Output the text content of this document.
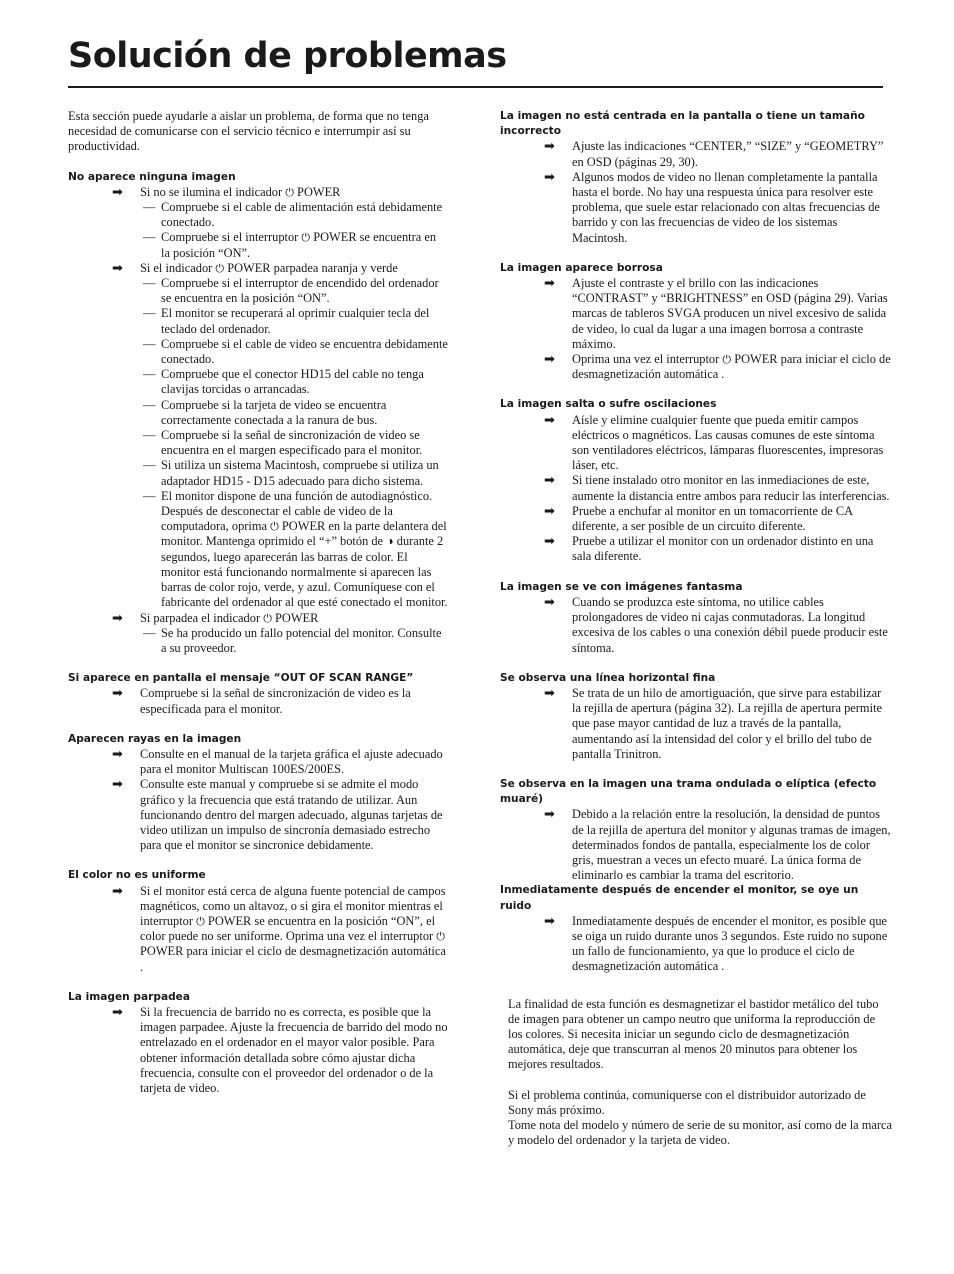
Solución de problemas

Esta sección puede ayudarle a aislar un problema, de forma que no tenga necesidad de comunicarse con el servicio técnico e interrumpir así su productividad.

No aparece ninguna imagen
➡ Si no se ilumina el indicador ⏻ POWER
— Compruebe si el cable de alimentación está debidamente conectado.
— Compruebe si el interruptor ⏻ POWER se encuentra en la posición “ON”.
➡ Si el indicador ⏻ POWER parpadea naranja y verde
— Compruebe si el interruptor de encendido del ordenador se encuentra en la posición “ON”.
— El monitor se recuperará al oprimir cualquier tecla del teclado del ordenador.
— Compruebe si el cable de video se encuentra debidamente conectado.
— Compruebe que el conector HD15 del cable no tenga clavijas torcidas o arrancadas.
— Compruebe si la tarjeta de video se encuentra correctamente conectada a la ranura de bus.
— Compruebe si la señal de sincronización de video se encuentra en el margen especificado para el monitor.
— Si utiliza un sistema Macintosh, compruebe si utiliza un adaptador HD15 - D15 adecuado para dicho sistema.
— El monitor dispone de una función de autodiagnóstico. Después de desconectar el cable de video de la computadora, oprima ⏻ POWER en la parte delantera del monitor. Mantenga oprimido el “+” botón de ◑ durante 2 segundos, luego aparecerán las barras de color. El monitor está funcionando normalmente si aparecen las barras de color rojo, verde, y azul. Comuníquese con el fabricante del ordenador al que esté conectado el monitor.
➡ Si parpadea el indicador ⏻ POWER
— Se ha producido un fallo potencial del monitor. Consulte a su proveedor.
Si aparece en pantalla el mensaje “OUT OF SCAN RANGE”
➡ Compruebe si la señal de sincronización de video es la especificada para el monitor.
Aparecen rayas en la imagen
➡ Consulte en el manual de la tarjeta gráfica el ajuste adecuado para el monitor Multiscan 100ES/200ES.
➡ Consulte este manual y compruebe si se admite el modo gráfico y la frecuencia que está tratando de utilizar. Aun funcionando dentro del margen adecuado, algunas tarjetas de video utilizan un impulso de sincronía demasiado estrecho para que el monitor se sincronice debidamente.
El color no es uniforme
➡ Si el monitor está cerca de alguna fuente potencial de campos magnéticos, como un altavoz, o si gira el monitor mientras el interruptor ⏻ POWER se encuentra en la posición “ON”, el color puede no ser uniforme. Oprima una vez el interruptor ⏻ POWER para iniciar el ciclo de desmagnetización automática .
La imagen parpadea
➡ Si la frecuencia de barrido no es correcta, es posible que la imagen parpadee. Ajuste la frecuencia de barrido del modo no entrelazado en el ordenador en el mayor valor posible. Para obtener información detallada sobre cómo ajustar dicha frecuencia, consulte con el proveedor del ordenador o de la tarjeta de video.
La imagen no está centrada en la pantalla o tiene un tamaño incorrecto
➡ Ajuste las indicaciones “CENTER,” “SIZE” y “GEOMETRY” en OSD (páginas 29, 30).
➡ Algunos modos de video no llenan completamente la pantalla hasta el borde. No hay una respuesta única para resolver este problema, que suele estar relacionado con altas frecuencias de barrido y con las frecuencias de video de los sistemas Macintosh.
La imagen aparece borrosa
➡ Ajuste el contraste y el brillo con las indicaciones “CONTRAST” y “BRIGHTNESS” en OSD (página 29). Varias marcas de tableros SVGA producen un nivel excesivo de salida de video, lo cual da lugar a una imagen borrosa a contraste máximo.
➡ Oprima una vez el interruptor ⏻ POWER para iniciar el ciclo de desmagnetización automática .
La imagen salta o sufre oscilaciones
➡ Aísle y elimine cualquier fuente que pueda emitir campos eléctricos o magnéticos. Las causas comunes de este síntoma son ventiladores eléctricos, lámparas fluorescentes, impresoras láser, etc.
➡ Si tiene instalado otro monitor en las inmediaciones de este, aumente la distancia entre ambos para reducir las interferencias.
➡ Pruebe a enchufar al monitor en un tomacorriente de CA diferente, a ser posible de un circuito diferente.
➡ Pruebe a utilizar el monitor con un ordenador distinto en una sala diferente.
La imagen se ve con imágenes fantasma
➡ Cuando se produzca este síntoma, no utilice cables prolongadores de video ni cajas conmutadoras. La longitud excesiva de los cables o una conexión débil puede producir este síntoma.
Se observa una línea horizontal fina
➡ Se trata de un hilo de amortiguación, que sirve para estabilizar la rejilla de apertura (página 32). La rejilla de apertura permite que pase mayor cantidad de luz a través de la pantalla, aumentando así la intensidad del color y el brillo del tubo de pantalla Trinitron.
Se observa en la imagen una trama ondulada o elíptica (efecto muaré)
➡ Debido a la relación entre la resolución, la densidad de puntos de la rejilla de apertura del monitor y algunas tramas de imagen, determinados fondos de pantalla, especialmente los de color gris, muestran a veces un efecto muaré. La única forma de eliminarlo es cambiar la trama del escritorio.
Inmediatamente después de encender el monitor, se oye un ruido
➡ Inmediatamente después de encender el monitor, es posible que se oiga un ruido durante unos 3 segundos. Este ruido no supone un fallo de funcionamiento, ya que lo produce el ciclo de desmagnetización automática .

La finalidad de esta función es desmagnetizar el bastidor metálico del tubo de imagen para obtener un campo neutro que uniforma la reproducción de los colores. Si necesita iniciar un segundo ciclo de desmagnetización automática, deje que transcurran al menos 20 minutos para obtener los mejores resultados.

Si el problema continúa, comuniquerse con el distribuidor autorizado de Sony más próximo.

Tome nota del modelo y número de serie de su monitor, así como de la marca y modelo del ordenador y la tarjeta de video.
